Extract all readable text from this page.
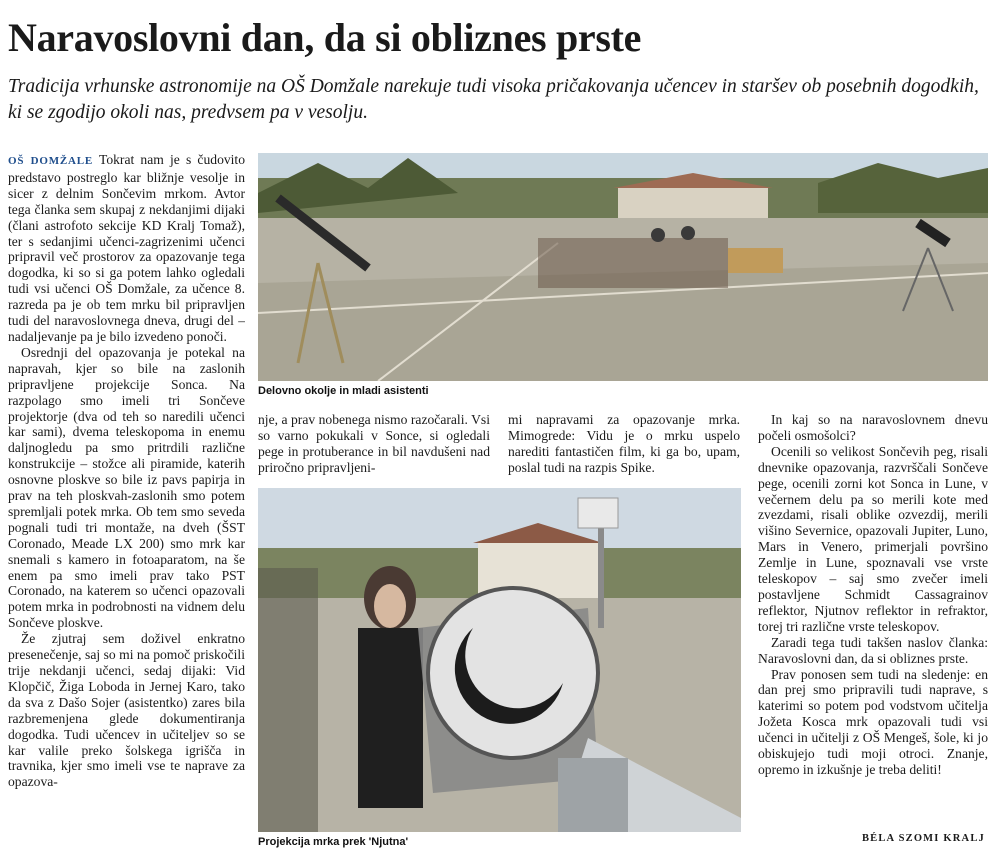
Naravoslovni dan, da si obliznes prste

Tradicija vrhunske astronomije na OŠ Domžale narekuje tudi visoka pričakovanja učencev in staršev ob posebnih dogodkih, ki se zgodijo okoli nas, predvsem pa v vesolju.

OŠ DOMŽALE Tokrat nam je s čudovito predstavo postreglo kar bližnje vesolje in sicer z delnim Sončevim mrkom. Avtor tega članka sem skupaj z nekdanjimi dijaki (člani astrofoto sekcije KD Kralj Tomaž), ter s sedanjimi učenci-zagrizenimi učenci pripravil več prostorov za opazovanje tega dogodka, ki so si ga potem lahko ogledali tudi vsi učenci OŠ Domžale, za učence 8. razreda pa je ob tem mrku bil pripravljen tudi del naravoslovnega dneva, drugi del – nadaljevanje pa je bilo izvedeno ponoči.

Osrednji del opazovanja je potekal na napravah, kjer so bile na zaslonih pripravljene projekcije Sonca. Na razpolago smo imeli tri Sončeve projektorje (dva od teh so naredili učenci kar sami), dvema teleskopoma in enemu daljnogledu pa smo pritrdili različne konstrukcije – stožce ali piramide, katerih osnovne ploskve so bile iz pavs papirja in prav na teh ploskvah-zaslonih smo potem spremljali potek mrka. Ob tem smo seveda pognali tudi tri montaže, na dveh (ŠST Coronado, Meade LX 200) smo mrk kar snemali s kamero in fotoaparatom, na še enem pa smo imeli prav tako PST Coronado, na katerem so učenci opazovali potem mrka in podrobnosti na vidnem delu Sončeve ploskve.

Že zjutraj sem doživel enkratno presenečenje, saj so mi na pomoč priskočili trije nekdanji učenci, sedaj dijaki: Vid Klopčič, Žiga Loboda in Jernej Karo, tako da sva z Dašo Sojer (asistentko) zares bila razbremenjena glede dokumentiranja dogodka. Tudi učencev in učiteljev so se kar valile preko šolskega igrišča in travnika, kjer smo imeli vse te naprave za opazova-

Delovno okolje in mladi asistenti

nje, a prav nobenega nismo razočarali. Vsi so varno pokukali v Sonce, si ogledali pege in protuberance in bil navdušeni nad priročno pripravljeni-

mi napravami za opazovanje mrka. Mimogrede: Vidu je o mrku uspelo narediti fantastičen film, ki ga bo, upam, poslal tudi na razpis Spike.

Projekcija mrka prek 'Njutna'

In kaj so na naravoslovnem dnevu počeli osmošolci?

Ocenili so velikost Sončevih peg, risali dnevnike opazovanja, razvrščali Sončeve pege, ocenili zorni kot Sonca in Lune, v večernem delu pa so merili kote med zvezdami, risali oblike ozvezdij, merili višino Severnice, opazovali Jupiter, Luno, Mars in Venero, primerjali površino Zemlje in Lune, spoznavali vse vrste teleskopov – saj smo zvečer imeli postavljene Schmidt Cassagrainov reflektor, Njutnov reflektor in refraktor, torej tri različne vrste teleskopov.

Zaradi tega tudi takšen naslov članka: Naravoslovni dan, da si obliznes prste.

Prav ponosen sem tudi na sledenje: en dan prej smo pripravili tudi naprave, s katerimi so potem pod vodstvom učitelja Jožeta Kosca mrk opazovali tudi vsi učenci in učitelji z OŠ Mengeš, šole, ki jo obiskujejo tudi moji otroci. Znanje, opremo in izkušnje je treba deliti!

BÉLA SZOMI KRALJ
